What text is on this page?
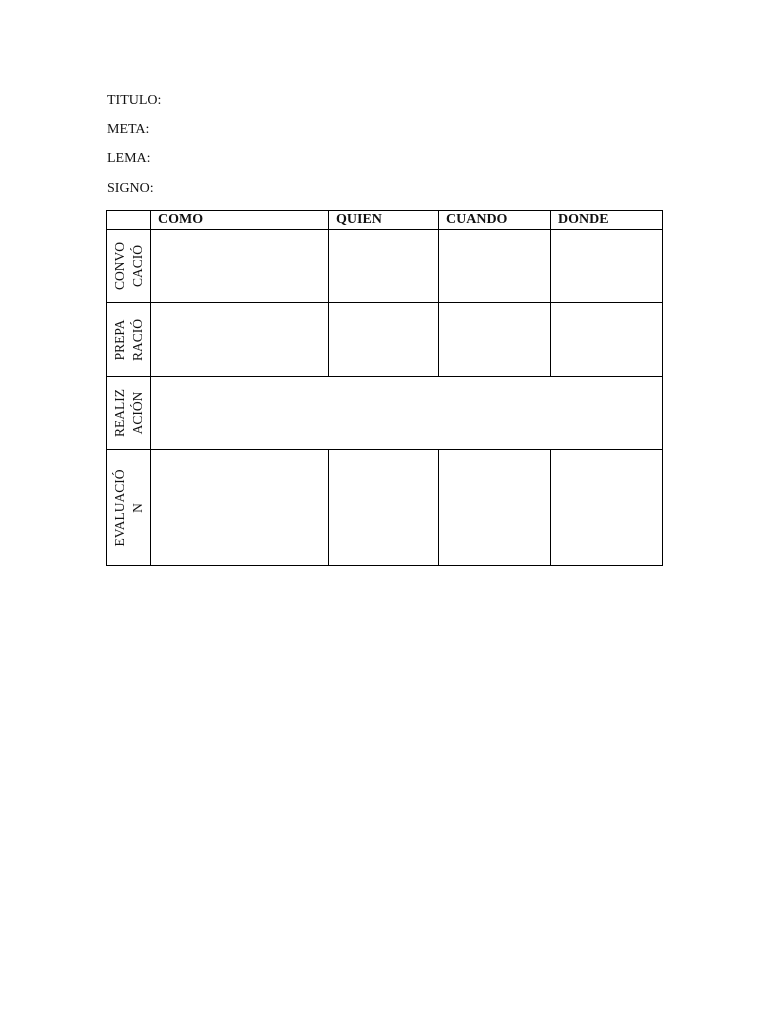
TITULO:

META:

LEMA:

SIGNO:

	COMO	QUIEN	CUANDO	DONDE

CONVO CACIÓ				

PREPA RACIÓ				

REALIZ ACIÓN				

EVALUACIÓ N				
